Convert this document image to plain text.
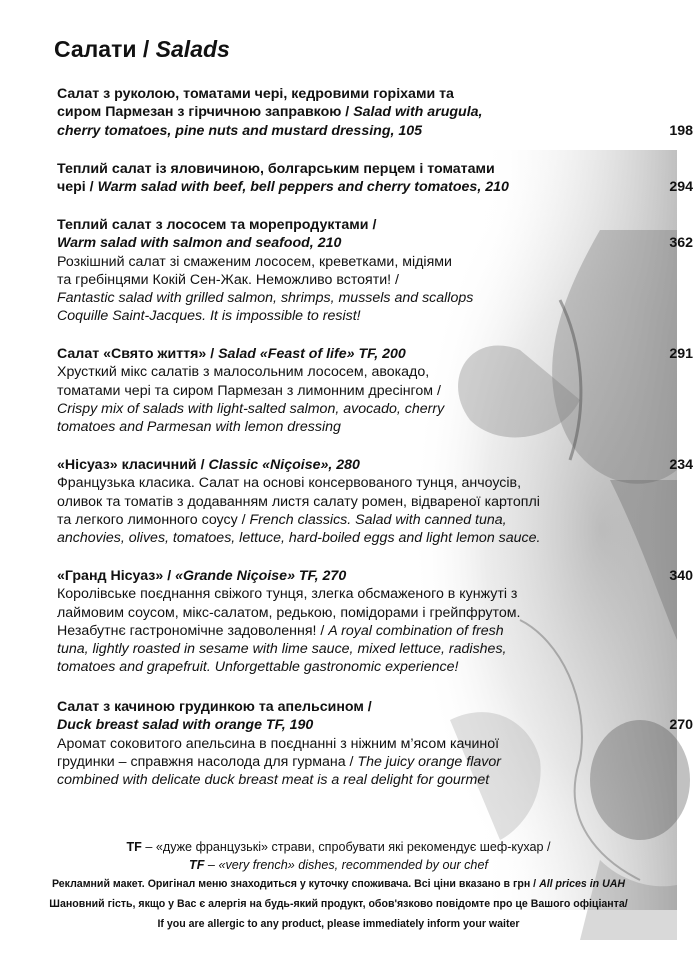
Салати / Salads
Салат з руколою, томатами чері, кедровими горіхами та
сиром Пармезан з гірчичною заправкою / Salad with arugula,
cherry tomatoes, pine nuts and mustard dressing, 105	198
Теплий салат із яловичиною, болгарським перцем і томатами
чері / Warm salad with beef, bell peppers and cherry tomatoes, 210	294
Теплий салат з лососем та морепродуктами /
Warm salad with salmon and seafood, 210
Розкішний салат зі смаженим лососем, креветками, мідіями
та гребінцями Кокій Сен-Жак. Неможливо встояти! /
Fantastic salad with grilled salmon, shrimps, mussels and scallops
Coquille Saint-Jacques. It is impossible to resist!
362
Салат «Свято життя» / Salad «Feast of life» TF, 200
Хрусткий мікс салатів з малосольним лососем, авокадо,
томатами чері та сиром Пармезан з лимонним дресінгом /
Crispy mix of salads with light-salted salmon, avocado, cherry
tomatoes and Parmesan with lemon dressing
291
«Нісуаз» класичний / Classic «Niçoise», 280
Французька класика. Салат на основі консервованого тунця, анчоусів,
оливок та томатів з додаванням листя салату ромен, відвареної картоплі
та легкого лимонного соусу / French classics. Salad with canned tuna,
anchovies, olives, tomatoes, lettuce, hard-boiled eggs and light lemon sauce.
234
«Гранд Нісуаз» / «Grande Niçoise» TF, 270
Королівське поєднання свіжого тунця, злегка обсмаженого в кунжуті з
лаймовим соусом, мікс-салатом, редькою, помідорами і грейпфрутом.
Незабутнє гастрономічне задоволення! / A royal combination of fresh
tuna, lightly roasted in sesame with lime sauce, mixed lettuce, radishes,
tomatoes and grapefruit. Unforgettable gastronomic experience!
340
Салат з качиною грудинкою та апельсином /
Duck breast salad with orange TF, 190
Аромат соковитого апельсина в поєднанні з ніжним м’ясом качиної
грудинки – справжня насолода для гурмана / The juicy orange flavor
combined with delicate duck breast meat is a real delight for gourmet
270
TF – «дуже французькі» страви, спробувати які рекомендує шеф-кухар /
TF – «very french» dishes, recommended by our chef
Рекламний макет. Оригінал меню знаходиться у куточку споживача. Всі ціни вказано в грн / All prices in UAH
Шановний гість, якщо у Вас є алергія на будь-який продукт, обов'язково повідомте про це Вашого офіціанта/
If you are allergic to any product, please immediately inform your waiter
